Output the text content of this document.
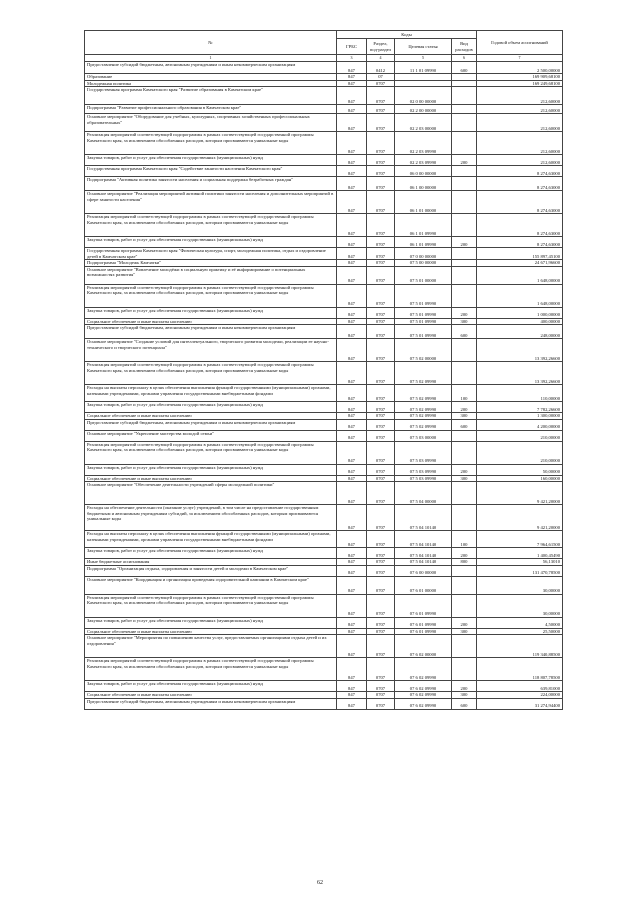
№	Коды				Годовой объем ассигнований
	ГРБС	Раздел, под-раздел	Целевая статья	Вид расходов	
1	3	4	5	6	7
Предоставление субсидий бюджетным, автономным учреждениям и иным некоммерческим организациям	847	0412	11 1 01 09990	600	2 500,00000
Образование	847	07			169 909,68100
Молодежная политика	847	0707			169 249,68100
Государственная программа Камчатского края "Развитие образования в Камчатском крае"	847	0707	02 0 00 00000		212,60000
Подпрограмма "Развитие профессионального образования в Камчатском крае"	847	0707	02 2 00 00000		212,60000
Основное мероприятие "Оборудование для учебных, культурных, спортивных хозяйственных профессиональных образовательных"	847	0707	02 2 03 00000		212,60000
Реализация мероприятий соответствующей подпрограммы в рамках соответствующей государственной программы Камчатского края, за исключением обособленных расходов, которым присваиваются уникальные коды	847	0707	02 2 03 09990		212,60000
Закупка товаров, работ и услуг для обеспечения государственных (муниципальных) нужд	847	0707	02 2 03 09990	200	212,60000
Государственная программа Камчатского края "Содействие занятости населения Камчатского края"	847	0707	06 0 00 00000		8 274,63000
Подпрограмма "Активная политика занятости населения и социальная поддержка безработных граждан"	847	0707	06 1 00 00000		8 274,63000
Основное мероприятие "Реализация мероприятий активной политики занятости населения и дополнительных мероприятий в сфере занятости населения"	847	0707	06 1 01 00000		8 274,63000
Реализация мероприятий соответствующей подпрограммы в рамках соответствующей государственной программы Камчатского края, за исключением обособленных расходов, которым присваиваются уникальные коды	847	0707	06 1 01 09990		8 274,63000
Закупка товаров, работ и услуг для обеспечения государственных (муниципальных) нужд	847	0707	06 1 01 09990	200	8 274,63000
Государственная программа Камчатского края "Физическая культура, спорт, молодежная политика, отдых и оздоровление детей в Камчатском крае"	847	0707	07 0 00 00000		155 897,45100
Подпрограмма "Молодежь Камчатки"	847	0707	07 5 00 00000		24 671,96600
Основное мероприятие "Вовлечение молодёжи в социальную практику и её информирование о потенциальных возможностях развития"	847	0707	07 5 01 00000		1 648,00000
Реализация мероприятий соответствующей подпрограммы в рамках соответствующей государственной программы Камчатского края, за исключением обособленных расходов, которым присваиваются уникальные коды	847	0707	07 5 01 09990		1 648,00000
Закупка товаров, работ и услуг для обеспечения государственных (муниципальных) нужд	847	0707	07 5 01 09990	200	1 000,00000
Социальное обеспечение и иные выплаты населению	847	0707	07 5 01 09990	300	400,00000
Предоставление субсидий бюджетным, автономным учреждениям и иным некоммерческим организациям	847	0707	07 5 01 09990	600	248,00000
Основное мероприятие "Создание условий для интеллектуального, творческого развития молодежи, реализации ее научно-технического и творческого потенциала"	847	0707	07 5 02 00000		13 392,26600
Реализация мероприятий соответствующей подпрограммы в рамках соответствующей государственной программы Камчатского края, за исключением обособленных расходов, которым присваиваются уникальные коды	847	0707	07 5 02 09990		13 392,26600
Расходы на выплаты персоналу в целях обеспечения выполнения функций государственными (муниципальными) органами, казенными учреждениями, органами управления государственными внебюджетными фондами	847	0707	07 5 02 09990	100	110,00000
Закупка товаров, работ и услуг для обеспечения государственных (муниципальных) нужд	847	0707	07 5 02 09990	200	7 782,26600
Социальное обеспечение и иные выплаты населению	847	0707	07 5 02 09990	300	1 300,00000
Предоставление субсидий бюджетным, автономным учреждениям и иным некоммерческим организациям	847	0707	07 5 02 09990	600	4 200,00000
Основное мероприятие "Укрепление мастерства молодой семьи"	847	0707	07 5 03 00000		210,00000
Реализация мероприятий соответствующей подпрограммы в рамках соответствующей государственной программы Камчатского края, за исключением обособленных расходов, которым присваиваются уникальные коды	847	0707	07 5 03 09990		210,00000
Закупка товаров, работ и услуг для обеспечения государственных (муниципальных) нужд	847	0707	07 5 03 09990	200	50,00000
Социальное обеспечение и иные выплаты населению	847	0707	07 5 03 09990	300	160,00000
Основное мероприятие "Обеспечение деятельности учреждений сферы молодежной политики"	847	0707	07 5 04 00000		9 421,20000
Расходы на обеспечение деятельности (оказание услуг) учреждений, в том числе на предоставление государственным бюджетным и автономным учреждениям субсидий, за исключением обособленных расходов, которым присваиваются уникальные коды	847	0707	07 5 04 10140		9 421,20000
Расходы на выплаты персоналу в целях обеспечения выполнения функций государственными (муниципальными) органами, казенными учреждениями, органами управления государственными внебюджетными фондами	847	0707	07 5 04 10140	100	7 964,61500
Закупка товаров, работ и услуг для обеспечения государственных (муниципальных) нужд	847	0707	07 5 04 10140	200	1 400,45490
Иные бюджетные ассигнования	847	0707	07 5 04 10140	800	56,13010
Подпрограмма "Организация отдыха, оздоровления и занятости детей и молодежи в Камчатском крае"	847	0707	07 6 00 00000		131 470,78500
Основное мероприятие "Координация и организация проведения оздоровительной кампании в Камчатском крае"	847	0707	07 6 01 00000		30,00000
Реализация мероприятий соответствующей подпрограммы в рамках соответствующей государственной программы Камчатского края, за исключением обособленных расходов, которым присваиваются уникальные коды	847	0707	07 6 01 09990		30,00000
Закупка товаров, работ и услуг для обеспечения государственных (муниципальных) нужд	847	0707	07 6 01 09990	200	4,50000
Социальное обеспечение и иные выплаты населению	847	0707	07 6 01 09990	300	25,50000
Основное мероприятие "Мероприятия по повышению качества услуг, предоставляемых организациями отдыха детей и их оздоровления"	847	0707	07 6 02 00000		119 340,88500
Реализация мероприятий соответствующей подпрограммы в рамках соответствующей государственной программы Камчатского края, за исключением обособленных расходов, которым присваиваются уникальные коды	847	0707	07 6 02 09990		118 807,78500
Закупка товаров, работ и услуг для обеспечения государственных (муниципальных) нужд	847	0707	07 6 02 09990	200	639,81000
Социальное обеспечение и иные выплаты населению	847	0707	07 6 02 09990	300	224,00000
Предоставление субсидий бюджетным, автономным учреждениям и иным некоммерческим организациям	847	0707	07 6 02 09990	600	31 274,94400
62
